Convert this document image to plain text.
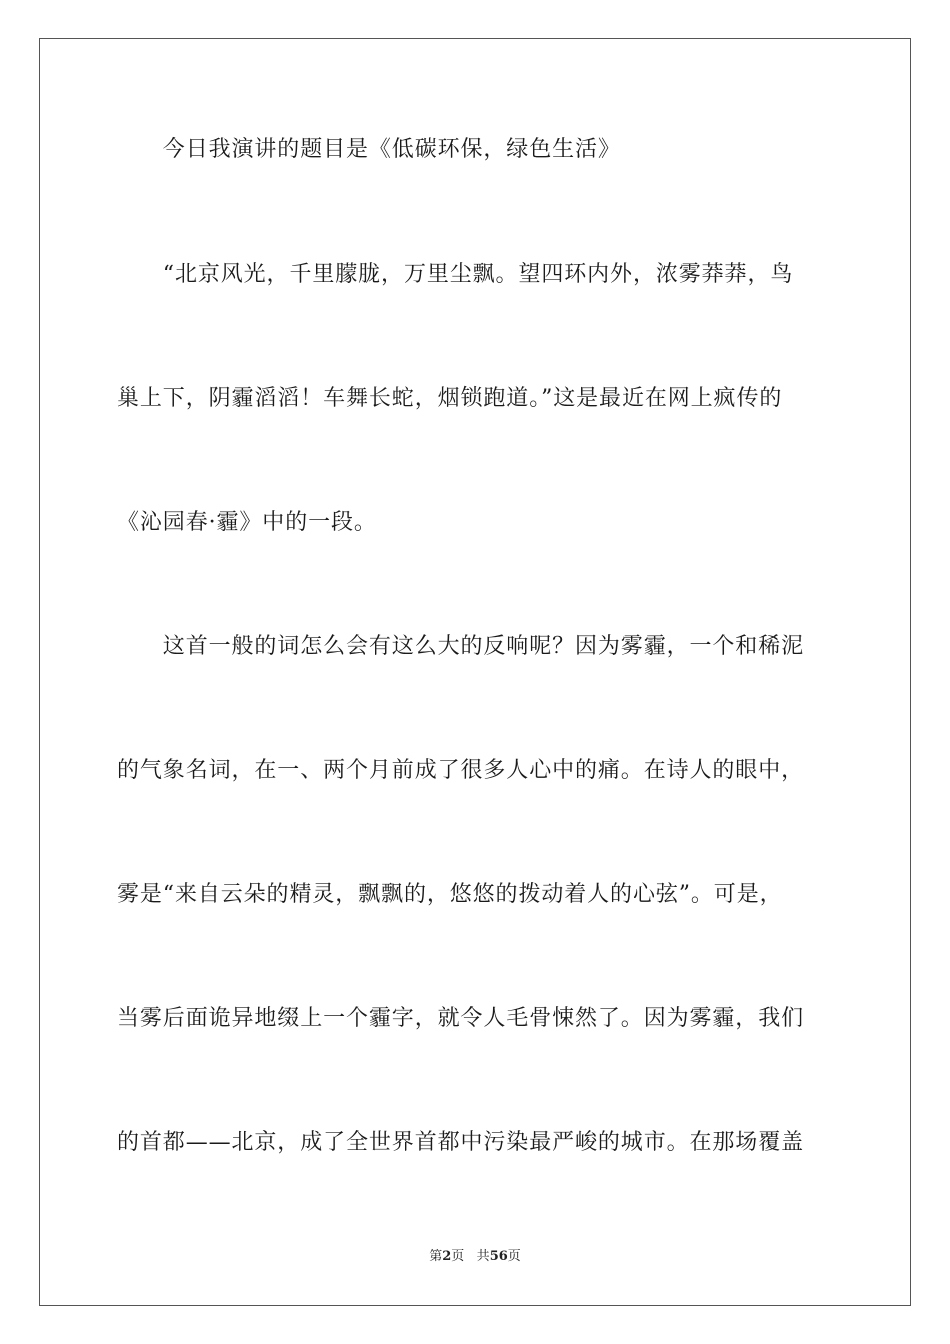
　　今日我演讲的题目是《低碳环保，绿色生活》
　　“北京风光，千里朦胧，万里尘飘。望四环内外，浓雾莽莽，鸟
巢上下，阴霾滔滔！车舞长蛇，烟锁跑道。”这是最近在网上疯传的
《沁园春·霾》中的一段。
　　这首一般的词怎么会有这么大的反响呢？因为雾霾，一个和稀泥
的气象名词，在一、两个月前成了很多人心中的痛。在诗人的眼中，
雾是“来自云朵的精灵，飘飘的，悠悠的拨动着人的心弦”。可是，
当雾后面诡异地缀上一个霾字，就令人毛骨悚然了。因为雾霾，我们
的首都——北京，成了全世界首都中污染最严峻的城市。在那场覆盖
第2页 共56页
